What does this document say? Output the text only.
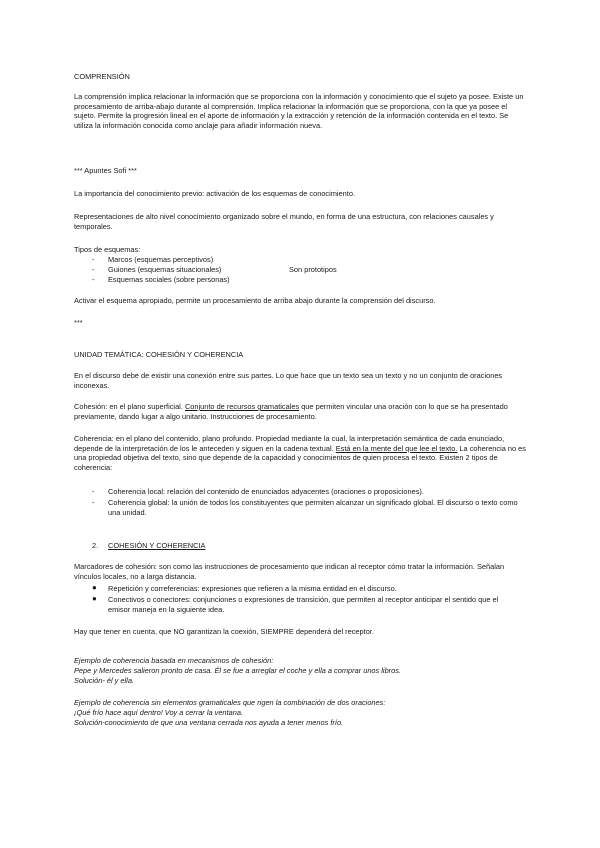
COMPRENSIÓN

La comprensión implica relacionar la información que se proporciona con la información y conocimiento que el sujeto ya posee. Existe un procesamiento de arriba-abajo durante al comprensión. Implica relacionar la información que se proporciona, con la que ya posee el sujeto. Permite la progresión lineal en el aporte de información y la extracción y retención de la información contenida en el texto. Se utiliza la información conocida como anclaje para añadir información nueva.

*** Apuntes Sofi ***

La importancia del conocimiento previo: activación de los esquemas de conocimiento.

Representaciones de alto nivel conocimiento organizado sobre el mundo, en forma de una estructura, con relaciones causales y temporales.

Tipos de esquemas:

-	Marcos (esquemas perceptivos)
-	Guiones (esquemas situacionales)	Son prototipos
-	Esquemas sociales (sobre personas)

Activar el esquema apropiado, permite un procesamiento de arriba abajo durante la comprensión del discurso.

***

UNIDAD TEMÁTICA: COHESIÓN Y COHERENCIA

En el discurso debe de existir una conexión entre sus partes. Lo que hace que un texto sea un texto y no un conjunto de oraciones inconexas.

Cohesión: en el plano superficial. Conjunto de recursos gramaticales que permiten vincular una oración con lo que se ha presentado previamente, dando lugar a algo unitario. Instrucciones de procesamiento.

Coherencia: en el plano del contenido, plano profundo. Propiedad mediante la cual, la interpretación semántica de cada enunciado, depende de la interpretación de los le anteceden y siguen en la cadena textual. Está en la mente del que lee el texto. La coherencia no es una propiedad objetiva del texto, sino que depende de la capacidad y conocimientos de quien procesa el texto. Existen 2 tipos de coherencia:

-	Coherencia local: relación del contenido de enunciados adyacentes (oraciones o proposiciones).
-	Coherencia global: la unión de todos los constituyentes que permiten alcanzar un significado global. El discurso o texto como una unidad.
2. COHESIÓN Y COHERENCIA

Marcadores de cohesión: son como las instrucciones de procesamiento que indican al receptor cómo tratar la información. Señalan vínculos locales, no a larga distancia.

● Repetición y correferencias: expresiones que refieren a la misma entidad en el discurso.
● Conectivos o conectores: conjunciones o expresiones de transición, que permiten al receptor anticipar el sentido que el emisor maneja en la siguiente idea.

Hay que tener en cuenta, que NO garantizan la coexión, SIEMPRE dependerá del receptor.

Ejemplo de coherencia basada en mecanismos de cohesión:

Pepe y Mercedes salieron pronto de casa. Él se fue a arreglar el coche y ella a comprar unos libros.

Solución- él y ella.

Ejemplo de coherencia sin elementos gramaticales que rigen la combinación de dos oraciones:

¡Qué frío hace aquí dentro! Voy a cerrar la ventana.

Solución-conocimiento de que una ventana cerrada nos ayuda a tener menos frío.
